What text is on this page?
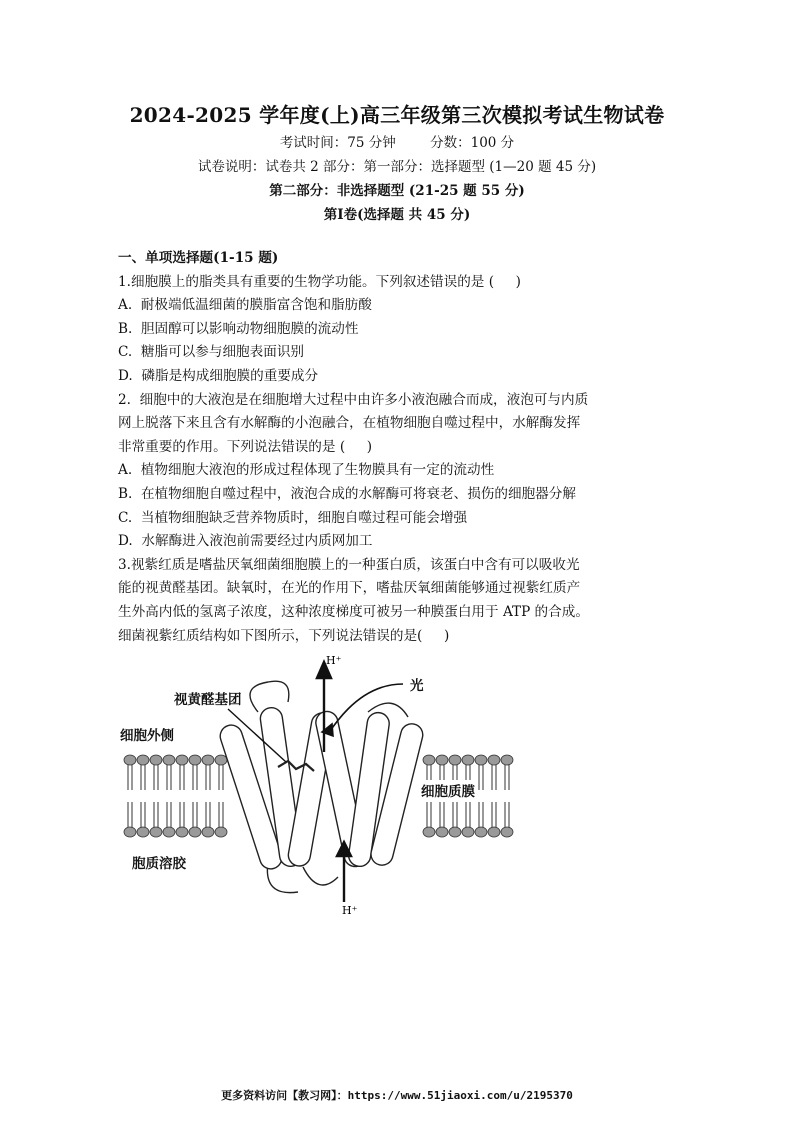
2024-2025 学年度(上)高三年级第三次模拟考试生物试卷
考试时间：75 分钟        分数：100 分
试卷说明：试卷共 2 部分：第一部分：选择题型 (1—20 题 45 分)
第二部分：非选择题型 (21-25 题 55 分)
第Ⅰ卷(选择题 共 45 分)

一、单项选择题(1-15 题)

1.细胞膜上的脂类具有重要的生物学功能。下列叙述错误的是 (     )

A.  耐极端低温细菌的膜脂富含饱和脂肪酸

B.  胆固醇可以影响动物细胞膜的流动性

C.  糖脂可以参与细胞表面识别

D.  磷脂是构成细胞膜的重要成分

2.  细胞中的大液泡是在细胞增大过程中由许多小液泡融合而成，液泡可与内质

网上脱落下来且含有水解酶的小泡融合，在植物细胞自噬过程中，水解酶发挥

非常重要的作用。下列说法错误的是 (     )

A.  植物细胞大液泡的形成过程体现了生物膜具有一定的流动性

B.  在植物细胞自噬过程中，液泡合成的水解酶可将衰老、损伤的细胞器分解

C.  当植物细胞缺乏营养物质时，细胞自噬过程可能会增强

D.  水解酶进入液泡前需要经过内质网加工

3.视紫红质是嗜盐厌氧细菌细胞膜上的一种蛋白质，该蛋白中含有可以吸收光

能的视黄醛基团。缺氧时，在光的作用下，嗜盐厌氧细菌能够通过视紫红质产

生外高内低的氢离子浓度，这种浓度梯度可被另一种膜蛋白用于 ATP 的合成。

细菌视紫红质结构如下图所示，下列说法错误的是(     )

H⁺
H⁺
光
视黄醛基团
细胞外侧
细胞质膜
胞质溶胶
更多资料访问【教习网】：https://www.51jiaoxi.com/u/2195370
